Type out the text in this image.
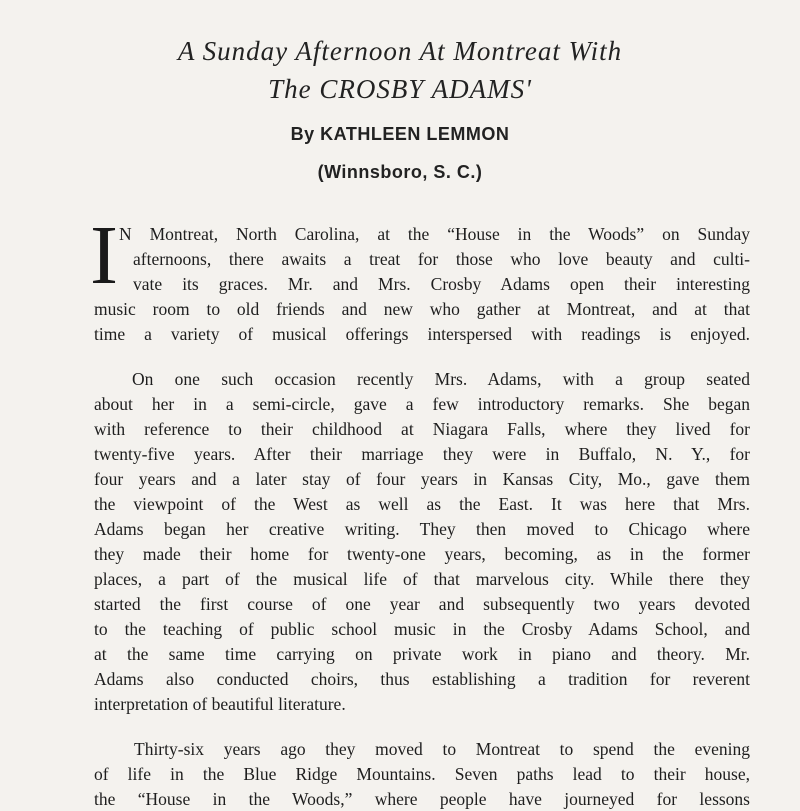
A Sunday Afternoon At Montreat With
The CROSBY ADAMS'
By KATHLEEN LEMMON
(Winnsboro, S. C.)
I N Montreat, North Carolina, at the “House in the Woods” on Sunday
afternoons, there awaits a treat for those who love beauty and culti-
vate its graces. Mr. and Mrs. Crosby Adams open their interesting
music room to old friends and new who gather at Montreat, and at that
time a variety of musical offerings interspersed with readings is enjoyed.
On one such occasion recently Mrs. Adams, with a group seated
about her in a semi-circle, gave a few introductory remarks. She began
with reference to their childhood at Niagara Falls, where they lived for
twenty-five years. After their marriage they were in Buffalo, N. Y., for
four years and a later stay of four years in Kansas City, Mo., gave them
the viewpoint of the West as well as the East. It was here that Mrs.
Adams began her creative writing. They then moved to Chicago where
they made their home for twenty-one years, becoming, as in the former
places, a part of the musical life of that marvelous city. While there they
started the first course of one year and subsequently two years devoted
to the teaching of public school music in the Crosby Adams School, and
at the same time carrying on private work in piano and theory. Mr.
Adams also conducted choirs, thus establishing a tradition for reverent
interpretation of beautiful literature.
Thirty-six years ago they moved to Montreat to spend the evening
of life in the Blue Ridge Mountains. Seven paths lead to their house,
the “House in the Woods,” where people have journeyed for lessons
